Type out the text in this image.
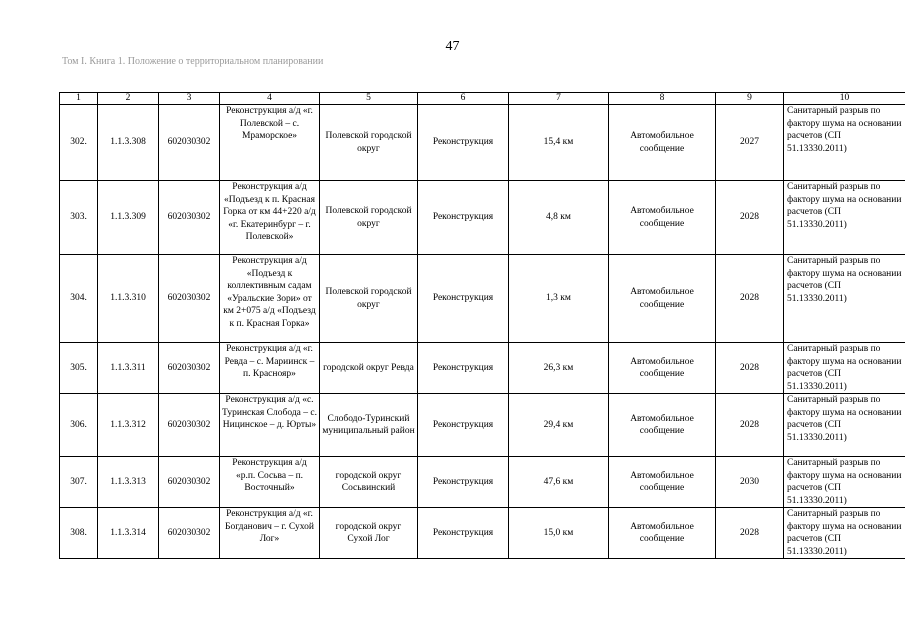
47
Том I. Книга 1. Положение о территориальном планировании
1	2	3	4	5	6	7	8	9	10
302.	1.1.3.308	602030302	Реконструкция а/д «г. Полевской – с. Мраморское»	Полевской городской округ	Реконструкция	15,4 км	Автомобильное сообщение	2027	Санитарный разрыв по фактору шума на основании расчетов (СП 51.13330.2011)
303.	1.1.3.309	602030302	Реконструкция а/д «Подъезд к п. Красная Горка от км 44+220 а/д «г. Екатеринбург – г. Полевской»	Полевской городской округ	Реконструкция	4,8 км	Автомобильное сообщение	2028	Санитарный разрыв по фактору шума на основании расчетов (СП 51.13330.2011)
304.	1.1.3.310	602030302	Реконструкция а/д «Подъезд к коллективным садам «Уральские Зори» от км 2+075 а/д «Подъезд к п. Красная Горка»	Полевской городской округ	Реконструкция	1,3 км	Автомобильное сообщение	2028	Санитарный разрыв по фактору шума на основании расчетов (СП 51.13330.2011)
305.	1.1.3.311	602030302	Реконструкция а/д «г. Ревда – с. Мариинск – п. Краснояр»	городской округ Ревда	Реконструкция	26,3 км	Автомобильное сообщение	2028	Санитарный разрыв по фактору шума на основании расчетов (СП 51.13330.2011)
306.	1.1.3.312	602030302	Реконструкция а/д «с. Туринская Слобода – с. Ницинское – д. Юрты»	Слободо-Туринский муниципальный район	Реконструкция	29,4 км	Автомобильное сообщение	2028	Санитарный разрыв по фактору шума на основании расчетов (СП 51.13330.2011)
307.	1.1.3.313	602030302	Реконструкция а/д «р.п. Сосьва – п. Восточный»	городской округ Сосьвинский	Реконструкция	47,6 км	Автомобильное сообщение	2030	Санитарный разрыв по фактору шума на основании расчетов (СП 51.13330.2011)
308.	1.1.3.314	602030302	Реконструкция а/д «г. Богданович – г. Сухой Лог»	городской округ Сухой Лог	Реконструкция	15,0 км	Автомобильное сообщение	2028	Санитарный разрыв по фактору шума на основании расчетов (СП 51.13330.2011)
